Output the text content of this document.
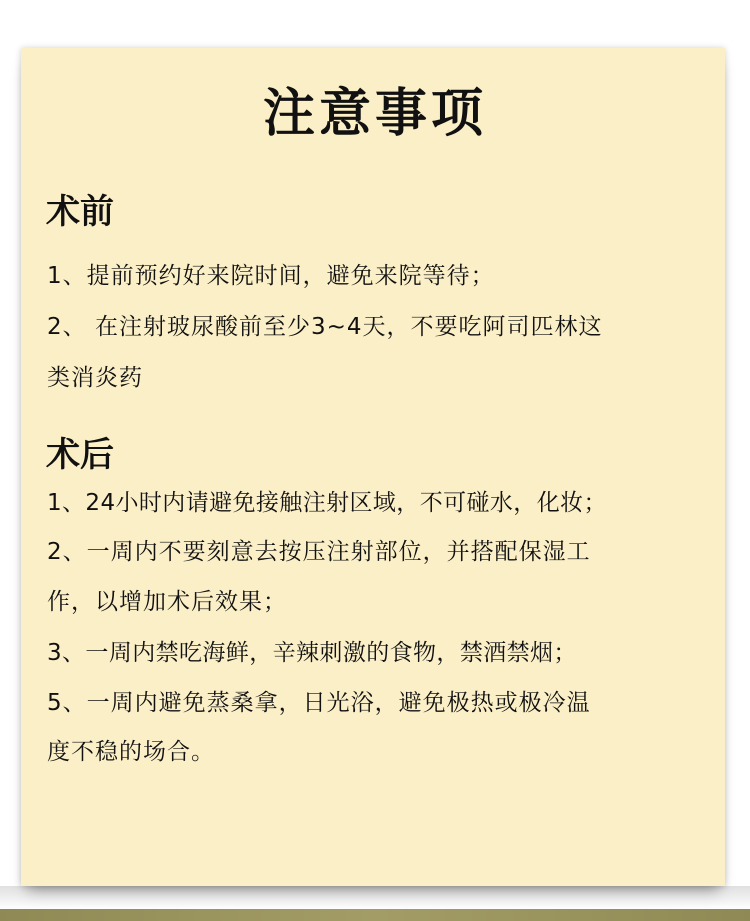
注意事项
术前
1、提前预约好来院时间，避免来院等待；
2、 在注射玻尿酸前至少3~4天，不要吃阿司匹林这
类消炎药
术后
1、24小时内请避免接触注射区域，不可碰水，化妆；
2、一周内不要刻意去按压注射部位，并搭配保湿工
作，以增加术后效果；
3、一周内禁吃海鲜，辛辣刺激的食物，禁酒禁烟；
5、一周内避免蒸桑拿，日光浴，避免极热或极冷温
度不稳的场合。
